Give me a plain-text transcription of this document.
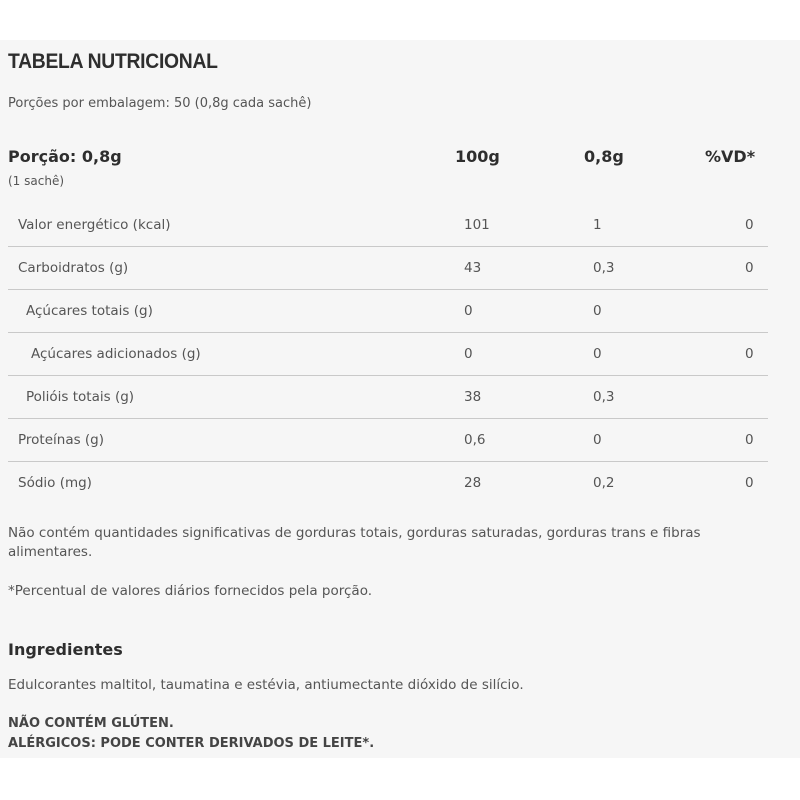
TABELA NUTRICIONAL
Porções por embalagem: 50 (0,8g cada sachê)
Porção: 0,8g	100g	0,8g	%VD*
(1 sachê)
Valor energético (kcal)	101	1	0
Carboidratos (g)	43	0,3	0
Açúcares totais (g)	0	0
Açúcares adicionados (g)	0	0	0
Polióis totais (g)	38	0,3
Proteínas (g)	0,6	0	0
Sódio (mg)	28	0,2	0
Não contém quantidades significativas de gorduras totais, gorduras saturadas, gorduras trans e fibras alimentares.
*Percentual de valores diários fornecidos pela porção.
Ingredientes
Edulcorantes maltitol, taumatina e estévia, antiumectante dióxido de silício.
NÃO CONTÉM GLÚTEN.
ALÉRGICOS: PODE CONTER DERIVADOS DE LEITE*.
